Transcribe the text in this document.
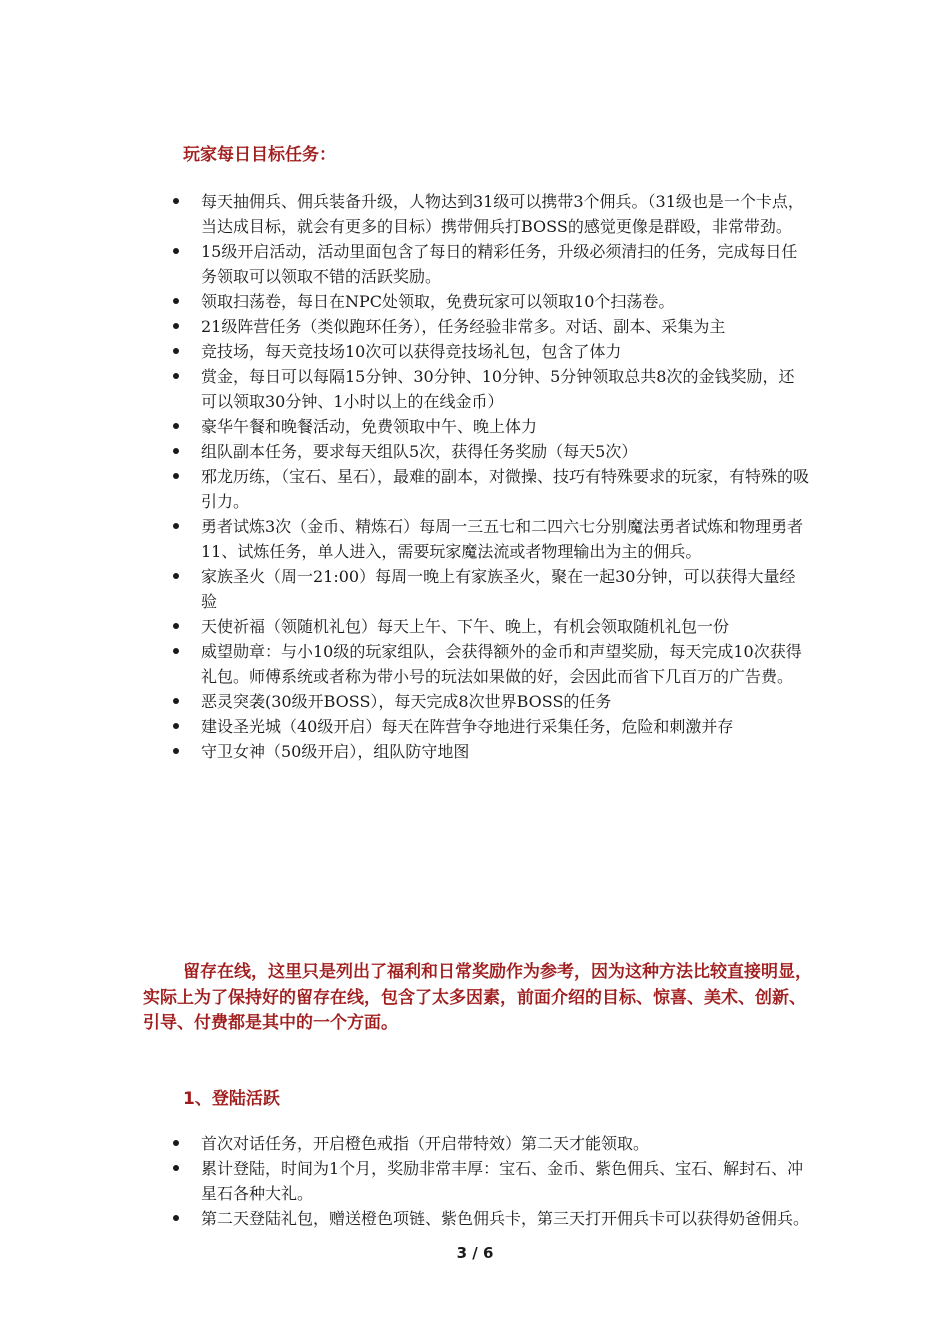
玩家每日目标任务：
每天抽佣兵、佣兵装备升级，人物达到31级可以携带3个佣兵。（31级也是一个卡点，当达成目标，就会有更多的目标）携带佣兵打BOSS的感觉更像是群殴，非常带劲。
15级开启活动，活动里面包含了每日的精彩任务，升级必须清扫的任务，完成每日任务领取可以领取不错的活跃奖励。
领取扫荡卷，每日在NPC处领取，免费玩家可以领取10个扫荡卷。
21级阵营任务（类似跑环任务），任务经验非常多。对话、副本、采集为主
竞技场，每天竞技场10次可以获得竞技场礼包，包含了体力
赏金，每日可以每隔15分钟、30分钟、10分钟、5分钟领取总共8次的金钱奖励，还可以领取30分钟、1小时以上的在线金币）
豪华午餐和晚餐活动，免费领取中午、晚上体力
组队副本任务，要求每天组队5次，获得任务奖励（每天5次）
邪龙历练，（宝石、星石），最难的副本，对微操、技巧有特殊要求的玩家，有特殊的吸引力。
勇者试炼3次（金币、精炼石）每周一三五七和二四六七分别魔法勇者试炼和物理勇者11、试炼任务，单人进入，需要玩家魔法流或者物理输出为主的佣兵。
家族圣火（周一21:00）每周一晚上有家族圣火，聚在一起30分钟，可以获得大量经验
天使祈福（领随机礼包）每天上午、下午、晚上，有机会领取随机礼包一份
威望勋章：与小10级的玩家组队，会获得额外的金币和声望奖励，每天完成10次获得礼包。师傅系统或者称为带小号的玩法如果做的好，会因此而省下几百万的广告费。
恶灵突袭(30级开BOSS），每天完成8次世界BOSS的任务
建设圣光城（40级开启）每天在阵营争夺地进行采集任务，危险和刺激并存
守卫女神（50级开启），组队防守地图

留存在线，这里只是列出了福利和日常奖励作为参考，因为这种方法比较直接明显，实际上为了保持好的留存在线，包含了太多因素，前面介绍的目标、惊喜、美术、创新、引导、付费都是其中的一个方面。

1、登陆活跃
首次对话任务，开启橙色戒指（开启带特效）第二天才能领取。
累计登陆，时间为1个月，奖励非常丰厚：宝石、金币、紫色佣兵、宝石、解封石、冲星石各种大礼。
第二天登陆礼包，赠送橙色项链、紫色佣兵卡，第三天打开佣兵卡可以获得奶爸佣兵。
3 / 6
